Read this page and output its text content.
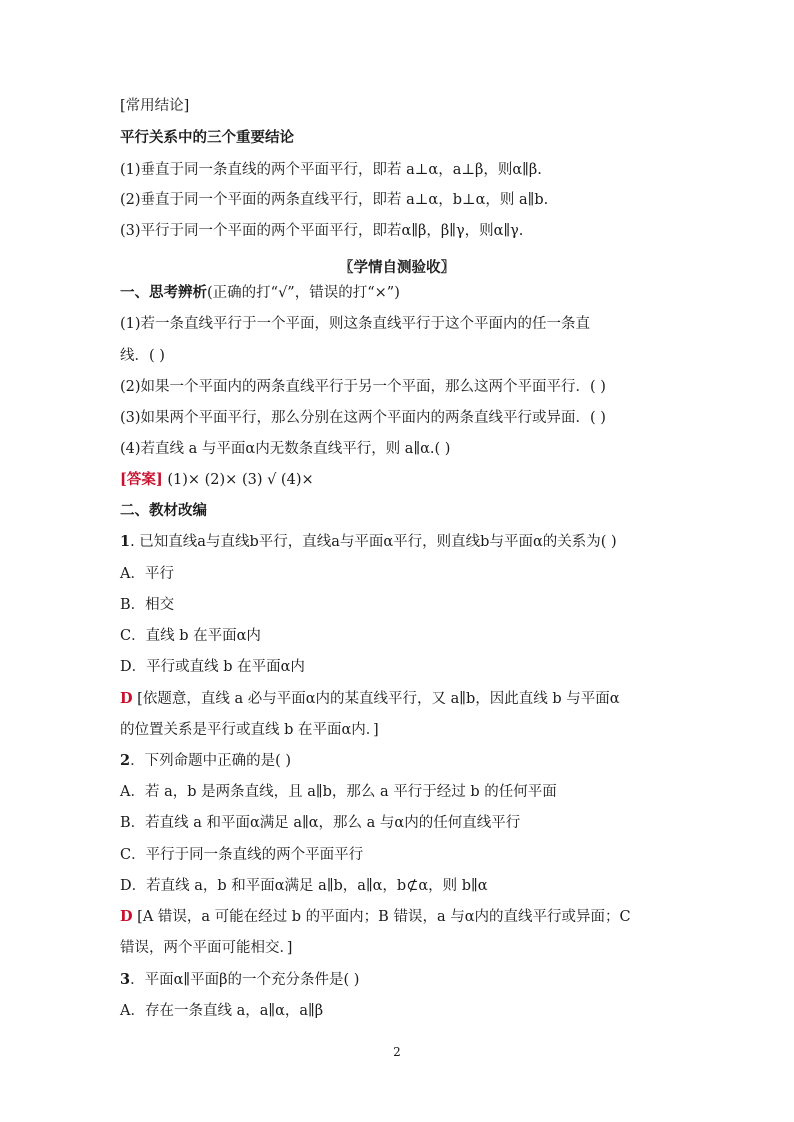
[常用结论]
平行关系中的三个重要结论
(1)垂直于同一条直线的两个平面平行，即若 a⊥α，a⊥β，则α∥β.
(2)垂直于同一个平面的两条直线平行，即若 a⊥α，b⊥α，则 a∥b.
(3)平行于同一个平面的两个平面平行，即若α∥β，β∥γ，则α∥γ.
〖学情自测验收〗
一、思考辨析(正确的打“√”，错误的打“×”)
(1)若一条直线平行于一个平面，则这条直线平行于这个平面内的任一条直
线．( )
(2)如果一个平面内的两条直线平行于另一个平面，那么这两个平面平行．( )
(3)如果两个平面平行，那么分别在这两个平面内的两条直线平行或异面．( )
(4)若直线 a 与平面α内无数条直线平行，则 a∥α.( )
[答案] (1)× (2)× (3) √ (4)×
二、教材改编
1. 已知直线a与直线b平行，直线a与平面α平行，则直线b与平面α的关系为( )
A．平行
B．相交
C．直线 b 在平面α内
D．平行或直线 b 在平面α内
D [依题意，直线 a 必与平面α内的某直线平行，又 a∥b，因此直线 b 与平面α
的位置关系是平行或直线 b 在平面α内．]
2．下列命题中正确的是( )
A．若 a，b 是两条直线，且 a∥b，那么 a 平行于经过 b 的任何平面
B．若直线 a 和平面α满足 a∥α，那么 a 与α内的任何直线平行
C．平行于同一条直线的两个平面平行
D．若直线 a，b 和平面α满足 a∥b，a∥α，b⊄α，则 b∥α
D [A 错误，a 可能在经过 b 的平面内；B 错误，a 与α内的直线平行或异面；C
错误，两个平面可能相交．]
3．平面α∥平面β的一个充分条件是( )
A．存在一条直线 a，a∥α，a∥β
2
